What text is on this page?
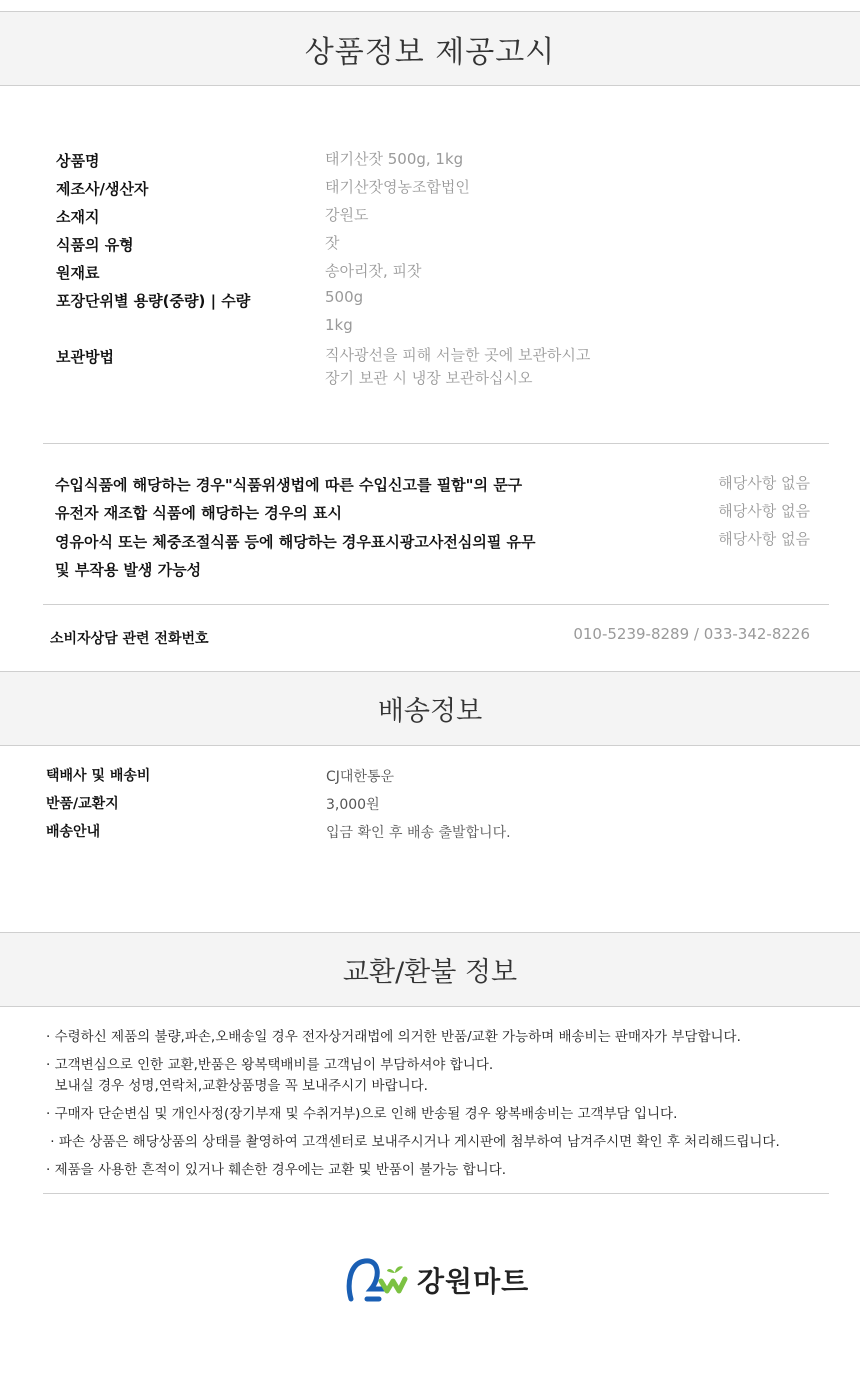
상품정보 제공고시
상품명	태기산잣 500g, 1kg
제조사/생산자	태기산잣영농조합법인
소재지	강원도
식품의 유형	잣
원재료	송아리잣, 피잣
포장단위별 용량(중량) | 수량	500g
1kg
보관방법	직사광선을 피해 서늘한 곳에 보관하시고
장기 보관 시 냉장 보관하십시오
수입식품에 해당하는 경우"식품위생법에 따른 수입신고를 필함"의 문구	해당사항 없음
유전자 재조합 식품에 해당하는 경우의 표시	해당사항 없음
영유아식 또는 체중조절식품 등에 해당하는 경우표시광고사전심의필 유무	해당사항 없음
및 부작용 발생 가능성
소비자상담 관련 전화번호	010-5239-8289 / 033-342-8226
배송정보
택배사 및 배송비	CJ대한통운
반품/교환지	3,000원
배송안내	입금 확인 후 배송 출발합니다.
교환/환불 정보
· 수령하신 제품의 불량,파손,오배송일 경우 전자상거래법에 의거한 반품/교환 가능하며 배송비는 판매자가 부담합니다.
· 고객변심으로 인한 교환,반품은 왕복택배비를 고객님이 부담하셔야 합니다.
보내실 경우 성명,연락처,교환상품명을 꼭 보내주시기 바랍니다.
· 구매자 단순변심 및 개인사정(장기부재 및 수취거부)으로 인해 반송될 경우 왕복배송비는 고객부담 입니다.
· 파손 상품은 해당상품의 상태를 촬영하여 고객센터로 보내주시거나 게시판에 첨부하여 남겨주시면 확인 후 처리해드립니다.
· 제품을 사용한 흔적이 있거나 훼손한 경우에는 교환 및 반품이 불가능 합니다.
강원마트
